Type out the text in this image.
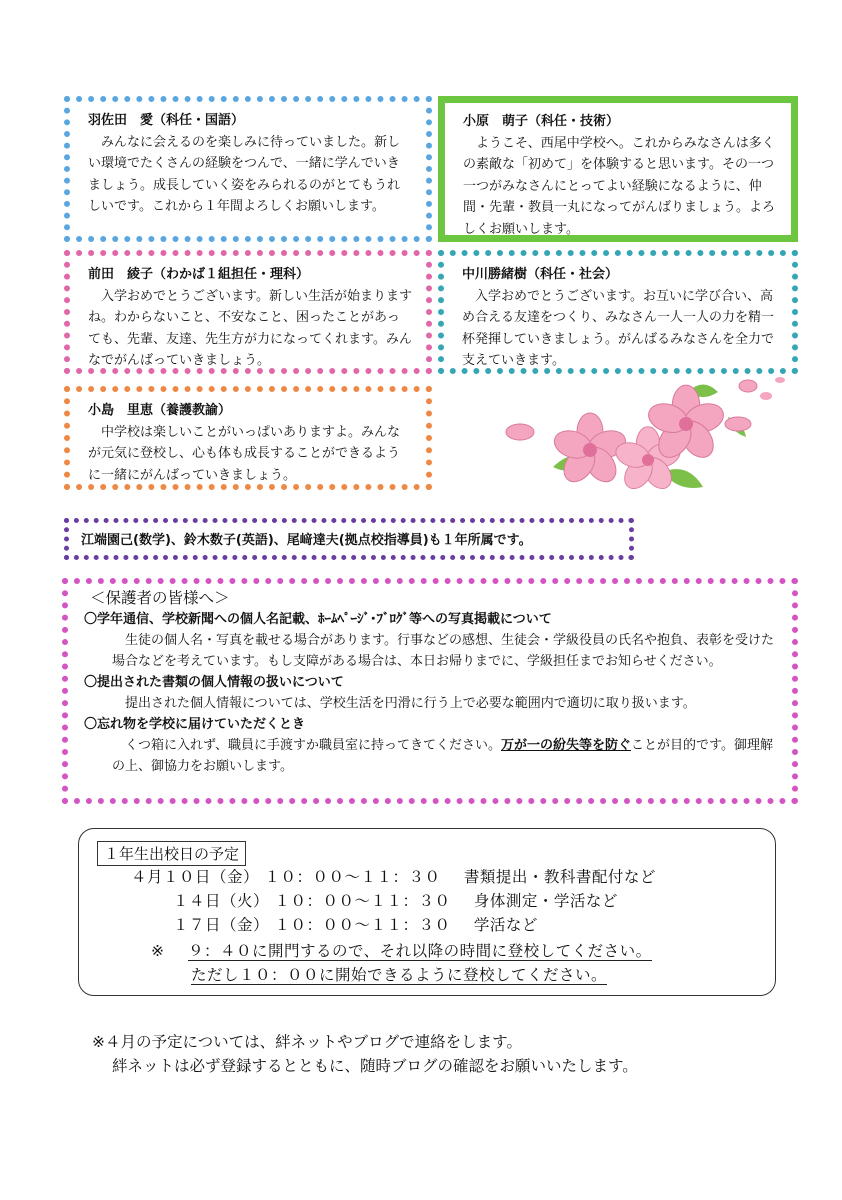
羽佐田　愛（科任・国語）
みんなに会えるのを楽しみに待っていました。新しい環境でたくさんの経験をつんで、一緒に学んでいきましょう。成長していく姿をみられるのがとてもうれしいです。これから１年間よろしくお願いします。
小原　萌子（科任・技術）
ようこそ、西尾中学校へ。これからみなさんは多くの素敵な「初めて」を体験すると思います。その一つ一つがみなさんにとってよい経験になるように、仲間・先輩・教員一丸になってがんばりましょう。よろしくお願いします。
前田　綾子（わかば１組担任・理科）
入学おめでとうございます。新しい生活が始まりますね。わからないこと、不安なこと、困ったことがあっても、先輩、友達、先生方が力になってくれます。みんなでがんばっていきましょう。
中川勝緒樹（科任・社会）
入学おめでとうございます。お互いに学び合い、高め合える友達をつくり、みなさん一人一人の力を精一杯発揮していきましょう。がんばるみなさんを全力で支えていきます。
小島　里恵（養護教諭）
中学校は楽しいことがいっぱいありますよ。みんなが元気に登校し、心も体も成長することができるように一緒にがんばっていきましょう。
江端園己(数学)、鈴木数子(英語)、尾﨑達夫(拠点校指導員)も１年所属です。
＜保護者の皆様へ＞
〇学年通信、学校新聞への個人名記載、ﾎｰﾑﾍﾟｰｼﾞ･ﾌﾞﾛｸﾞ等への写真掲載について
生徒の個人名・写真を載せる場合があります。行事などの感想、生徒会・学級役員の氏名や抱負、表彰を受けた場合などを考えています。もし支障がある場合は、本日お帰りまでに、学級担任までお知らせください。
〇提出された書類の個人情報の扱いについて
提出された個人情報については、学校生活を円滑に行う上で必要な範囲内で適切に取り扱います。
〇忘れ物を学校に届けていただくとき
くつ箱に入れず、職員に手渡すか職員室に持ってきてください。万が一の紛失等を防ぐことが目的です。御理解の上、御協力をお願いします。
１年生出校日の予定
４月１０日（金） １０：００～１１：３０ 書類提出・教科書配付など
１４日（火） １０：００～１１：３０ 身体測定・学活など
１７日（金） １０：００～１１：３０ 学活など
※ ９：４０に開門するので、それ以降の時間に登校してください。
ただし１０：００に開始できるように登校してください。
※４月の予定については、絆ネットやブログで連絡をします。
絆ネットは必ず登録するとともに、随時ブログの確認をお願いいたします。
